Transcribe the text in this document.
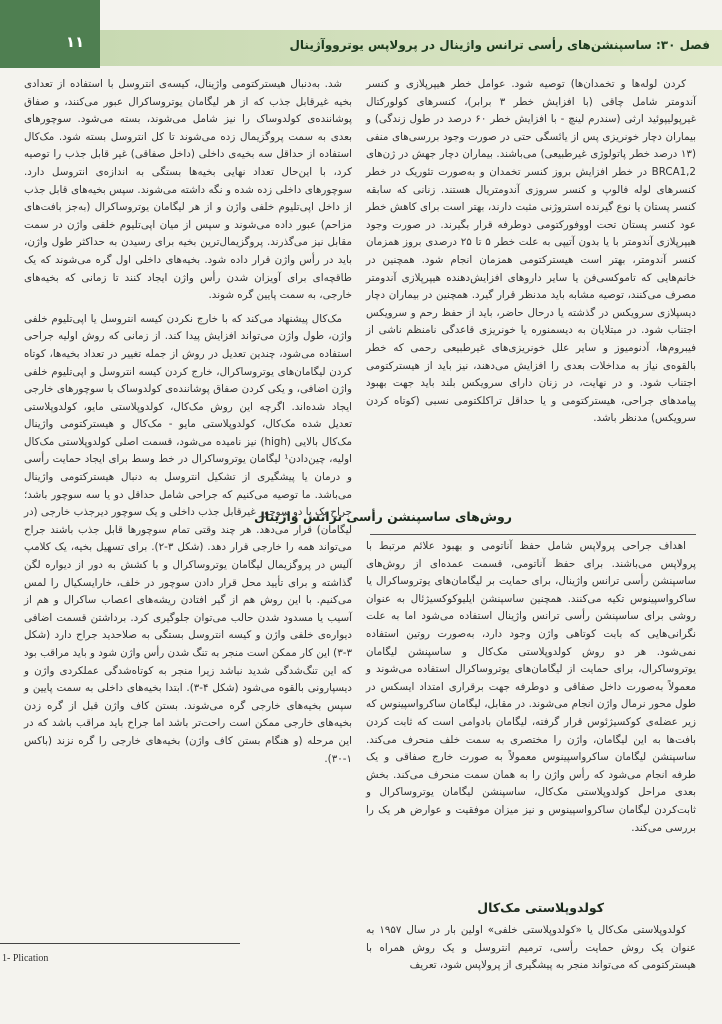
۱۱	فصل ۳۰: ساسپنشن‌های رأسی ترانس واژینال در پرولاپس یوترووآژینال

کردن لوله‌ها و تخمدان‌ها) توصیه شود. عوامل خطر هیپرپلازی و کنسر آندومتر شامل چاقی (با افزایش خطر ۳ برابر)، کنسرهای کولورکتال غیرپولیپوئید ارثی (سندرم لینچ - با افزایش خطر ۶۰ درصد در طول زندگی) و بیماران دچار خونریزی پس از یائسگی حتی در صورت وجود بررسی‌های منفی (۱۳ درصد خطر پاتولوژی غیرطبیعی) می‌باشند. بیماران دچار جهش در ژن‌های BRCA1,2 در خطر افزایش بروز کنسر تخمدان و به‌صورت تئوریک در خطر کنسرهای لوله فالوپ و کنسر سروزی آندومتریال هستند. زنانی که سابقه کنسر پستان یا نوع گیرنده استروژنی مثبت دارند، بهتر است برای کاهش خطر عود کنسر پستان تحت اووفورکتومی دوطرفه قرار بگیرند. در صورت وجود هیپرپلازی آندومتر با یا بدون آتیپی به علت خطر ۵ تا ۲۵ درصدی بروز همزمان کنسر آندومتر، بهتر است هیسترکتومی همزمان انجام شود. همچنین در خانم‌هایی که تاموکسی‌فن یا سایر داروهای افزایش‌دهنده هیپرپلازی آندومتر مصرف می‌کنند، توصیه مشابه باید مدنظر قرار گیرد. همچنین در بیماران دچار دیسپلازی سرویکس در گذشته یا درحال حاضر، باید از حفظ رحم و سرویکس اجتناب شود. در مبتلایان به دیسمنوره یا خونریزی قاعدگی نامنظم ناشی از فیبروم‌ها، آدنومیوز و سایر علل خونریزی‌های غیرطبیعی رحمی که خطر بالقوه‌ی نیاز به مداخلات بعدی را افزایش می‌دهند، نیز باید از هیسترکتومی اجتناب شود. و در نهایت، در زنان دارای سرویکس بلند باید جهت بهبود پیامدهای جراحی، هیسترکتومی و یا حداقل تراکلکتومی نسبی (کوتاه کردن سرویکس) مدنظر باشد.

روش‌های ساسپنشن رأسی ترانس واژینال

اهداف جراحی پرولاپس شامل حفظ آناتومی و بهبود علائم مرتبط با پرولاپس می‌باشند. برای حفظ آناتومی، قسمت عمده‌ای از روش‌های ساسپنشن رأسی ترانس واژینال، برای حمایت بر لیگامان‌های یوتروساکرال یا ساکرواسپینوس تکیه می‌کنند. همچنین ساسپنشن ایلیوکوکسیژئال به عنوان روشی برای ساسپنشن رأسی ترانس واژینال استفاده می‌شود اما به علت نگرانی‌هایی که بابت کوتاهی واژن وجود دارد، به‌صورت روتین استفاده نمی‌شود. هر دو روش کولدوپلاستی مک‌کال و ساسپنشن لیگامان یوتروساکرال، برای حمایت از لیگامان‌های یوتروساکرال استفاده می‌شوند و معمولاً به‌صورت داخل صفاقی و دوطرفه جهت برقراری امتداد ایسکس در طول محور نرمال واژن انجام می‌شوند. در مقابل، لیگامان ساکرواسپینوس که زیر عضله‌ی کوکسیژئوس قرار گرفته، لیگامان بادوامی است که ثابت کردن بافت‌ها به این لیگامان، واژن را مختصری به سمت خلف منحرف می‌کند. ساسپنشن لیگامان ساکرواسپینوس معمولاً به صورت خارج صفاقی و یک طرفه انجام می‌شود که رأس واژن را به همان سمت منحرف می‌کند. بخش بعدی مراحل کولدوپلاستی مک‌کال، ساسپنشن لیگامان یوتروساکرال و ثابت‌کردن لیگامان ساکرواسپینوس و نیز میزان موفقیت و عوارض هر یک را بررسی می‌کند.

کولدوپلاستی مک‌کال

کولدوپلاستی مک‌کال یا «کولدوپلاستی خلفی» اولین بار در سال ۱۹۵۷ به عنوان یک روش حمایت رأسی، ترمیم انتروسل و یک روش همراه با هیسترکتومی که می‌تواند منجر به پیشگیری از پرولاپس شود، تعریف

شد. به‌دنبال هیسترکتومی واژینال، کیسه‌ی انتروسل با استفاده از تعدادی بخیه غیرقابل جذب که از هر لیگامان یوتروساکرال عبور می‌کنند، و صفاق پوشاننده‌ی کولدوساک را نیز شامل می‌شوند، بسته می‌شود. سوچورهای بعدی به سمت پروگزیمال زده می‌شوند تا کل انتروسل بسته شود. مک‌کال استفاده از حداقل سه بخیه‌ی داخلی (داخل صفاقی) غیر قابل جذب را توصیه کرد، با این‌حال تعداد نهایی بخیه‌ها بستگی به اندازه‌ی انتروسل دارد. سوچورهای داخلی زده شده و نگه داشته می‌شوند. سپس بخیه‌های قابل جذب از داخل اپی‌تلیوم خلفی واژن و از هر لیگامان یوتروساکرال (به‌جز بافت‌های مزاحم) عبور داده می‌شوند و سپس از میان اپی‌تلیوم خلفی واژن در سمت مقابل نیز می‌گذرند. پروگزیمال‌ترین بخیه برای رسیدن به حداکثر طول واژن، باید در رأس واژن قرار داده شود. بخیه‌های داخلی اول گره می‌شوند که یک طاقچه‌ای برای آویزان شدن رأس واژن ایجاد کنند تا زمانی که بخیه‌های خارجی، به سمت پایین گره شوند.

مک‌کال پیشنهاد می‌کند که با خارج نکردن کیسه انتروسل یا اپی‌تلیوم خلفی واژن، طول واژن می‌تواند افزایش پیدا کند. از زمانی که روش اولیه جراحی استفاده می‌شود، چندین تعدیل در روش از جمله تغییر در تعداد بخیه‌ها، کوتاه کردن لیگامان‌های یوتروساکرال، خارج کردن کیسه انتروسل و اپی‌تلیوم خلفی واژن اضافی، و یکی کردن صفاق پوشاننده‌ی کولدوساک با سوچورهای خارجی ایجاد شده‌اند. اگرچه این روش مک‌کال، کولدوپلاستی مایو، کولدوپلاستی تعدیل شده مک‌کال، کولدوپلاستی مایو - مک‌کال و هیسترکتومی واژینال مک‌کال بالایی (high) نیز نامیده می‌شود، قسمت اصلی کولدوپلاستی مک‌کال اولیه، چین‌دادن¹ لیگامان یوتروساکرال در خط وسط برای ایجاد حمایت رأسی و درمان یا پیشگیری از تشکیل انتروسل به دنبال هیسترکتومی واژینال می‌باشد. ما توصیه می‌کنیم که جراحی شامل حداقل دو یا سه سوچور باشد؛ جراح یک یا دو سوچور غیرقابل جذب داخلی و یک سوچور دیرجذب خارجی (در لیگامان) قرار می‌دهد. هر چند وقتی تمام سوچورها قابل جذب باشند جراح می‌تواند همه را خارجی قرار دهد. (شکل ۳-۲). برای تسهیل بخیه، یک کلامپ آلیس در پروگزیمال لیگامان یوتروساکرال و با کشش به دور از دیواره لگن گذاشته و برای تأیید محل قرار دادن سوچور در خلف، خارایسکیال را لمس می‌کنیم. با این روش هم از گیر افتادن ریشه‌های اعصاب ساکرال و هم از آسیب یا مسدود شدن حالب می‌توان جلوگیری کرد. برداشتن قسمت اضافی دیواره‌ی خلفی واژن و کیسه انتروسل بستگی به صلاحدید جراح دارد (شکل ۳-۳) این کار ممکن است منجر به تنگ شدن رأس واژن شود و باید مراقب بود که این تنگ‌شدگی شدید نباشد زیرا منجر به کوتاه‌شدگی عملکردی واژن و دیسپارونی بالقوه می‌شود (شکل ۴-۳). ابتدا بخیه‌های داخلی به سمت پایین و سپس بخیه‌های خارجی گره می‌شوند. بستن کاف واژن قبل از گره زدن بخیه‌های خارجی ممکن است راحت‌تر باشد اما جراح باید مراقب باشد که در این مرحله (و هنگام بستن کاف واژن) بخیه‌های خارجی را گره نزند (باکس ۱-۳۰).

1- Plication
